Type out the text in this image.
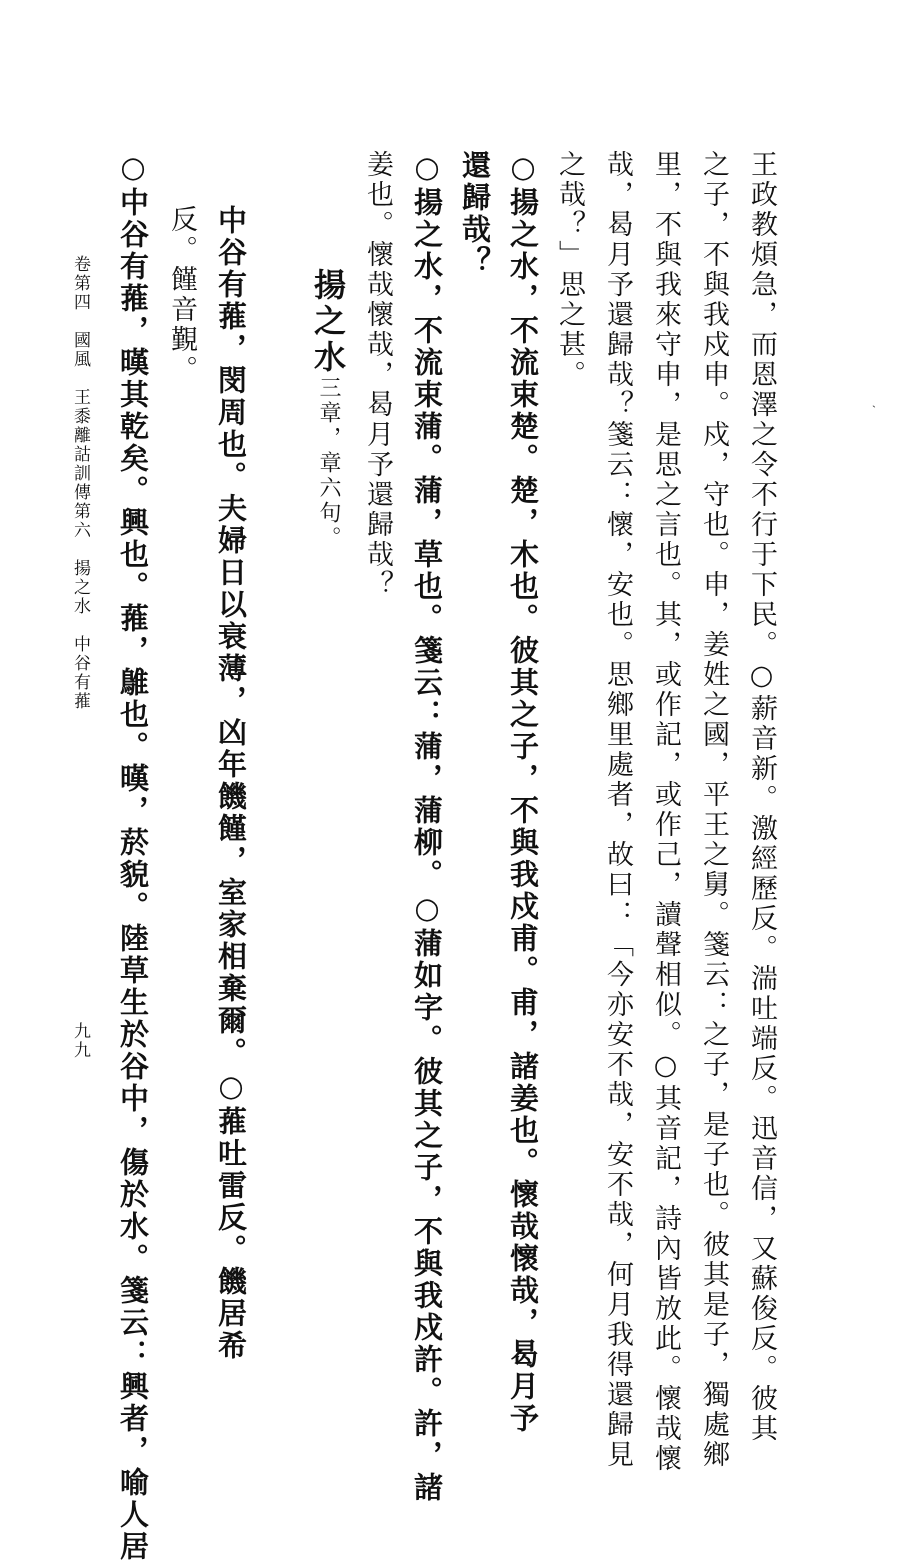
王政教煩急，而恩澤之令不行于下民。○薪音新。激經歷反。湍吐端反。迅音信，又蘇俊反。彼其
之子，不與我戍申。戍，守也。申，姜姓之國，平王之舅。箋云：之子，是子也。彼其是子，獨處鄉
里，不與我來守申，是思之言也。其，或作記，或作己，讀聲相似。○其音記，詩內皆放此。懷哉懷
哉，曷月予還歸哉？箋云：懷，安也。思鄉里處者，故曰：「今亦安不哉，安不哉，何月我得還歸見
之哉？」思之甚。
○揚之水，不流束楚。楚，木也。彼其之子，不與我戍甫。甫，諸姜也。懷哉懷哉，曷月予
還歸哉？
○揚之水，不流束蒲。蒲，草也。箋云：蒲，蒲柳。○蒲如字。彼其之子，不與我戍許。許，諸
姜也。懷哉懷哉，曷月予還歸哉？
揚之水三章，章六句。
中谷有蓷，閔周也。夫婦日以衰薄，凶年饑饉，室家相棄爾。○蓷吐雷反。饑居希
反。饉音覲。
○中谷有蓷，暵其乾矣。興也。蓷，鵻也。暵，菸貌。陸草生於谷中，傷於水。箋云：興者，喻人居
卷第四　國風　王黍離詁訓傳第六　揚之水　中谷有蓷
九九
ˏ
